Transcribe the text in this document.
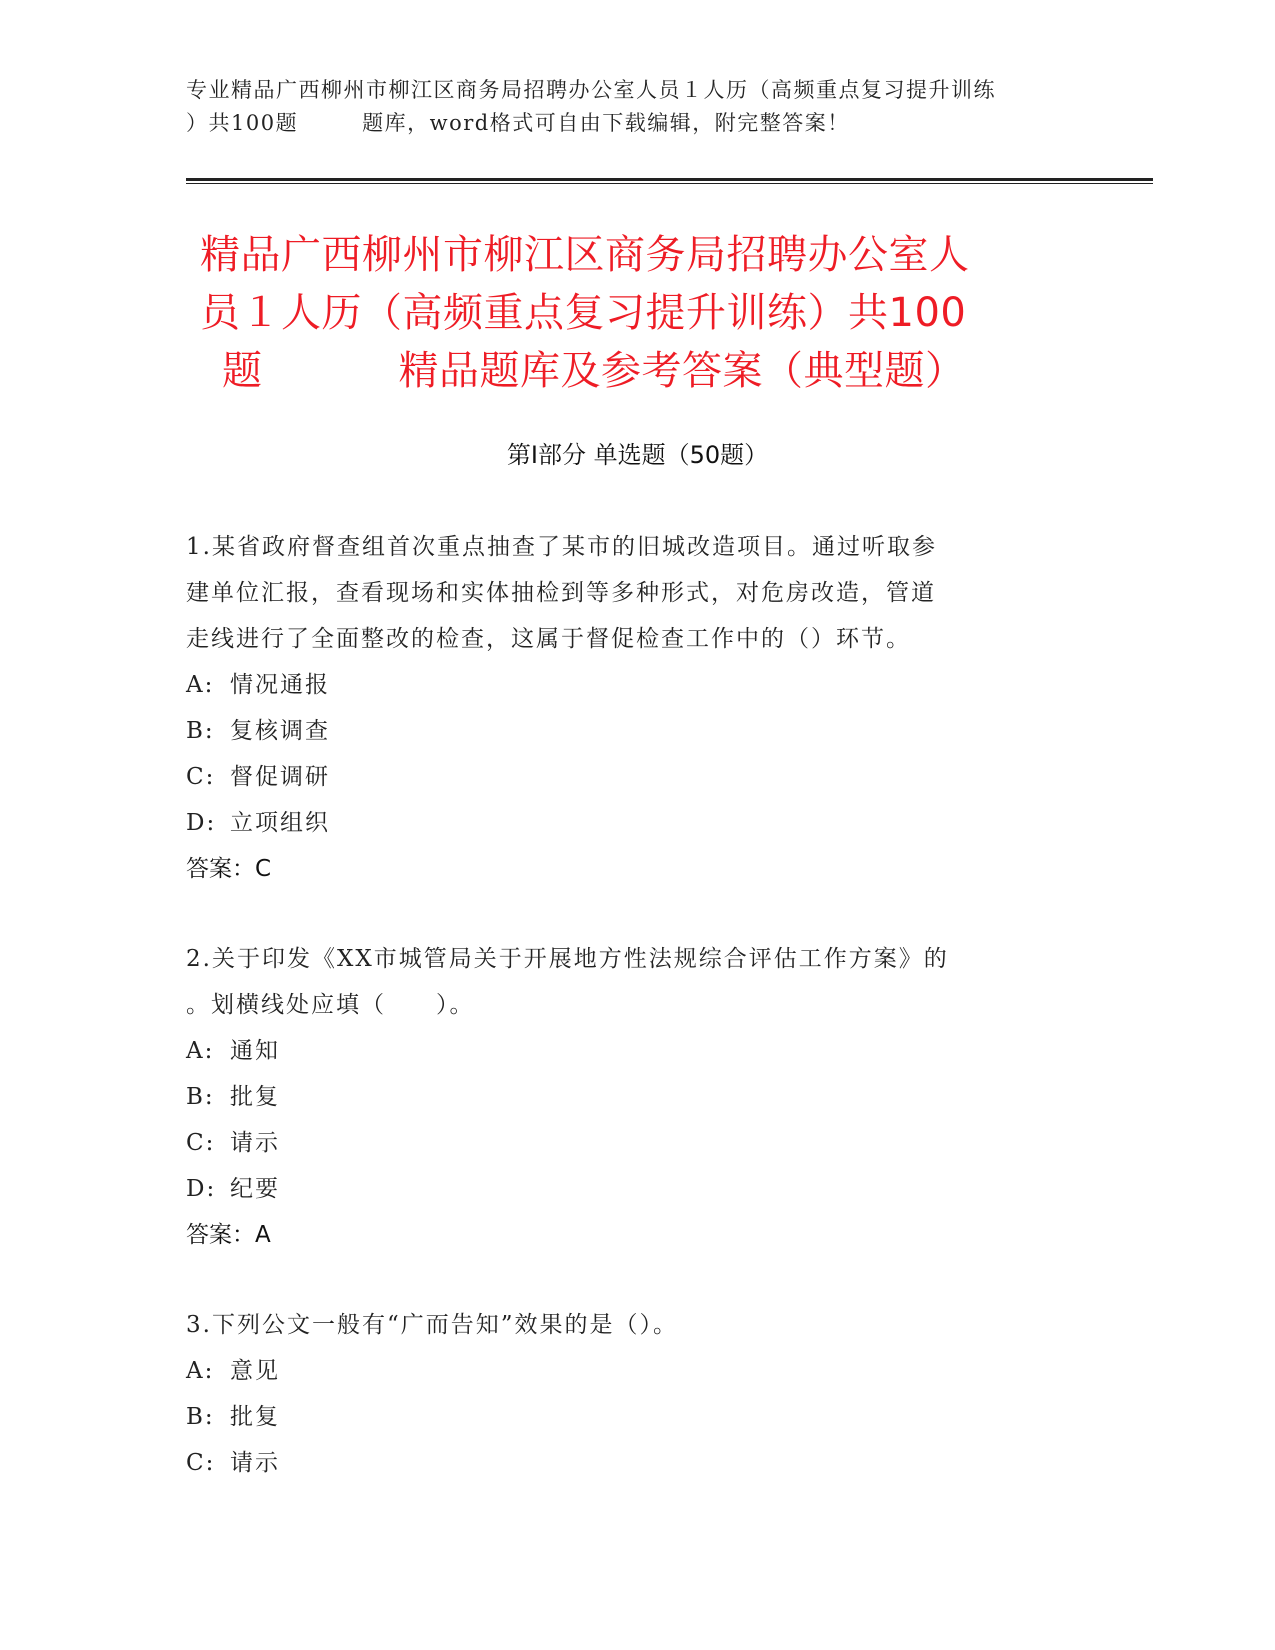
专业精品广西柳州市柳江区商务局招聘办公室人员１人历（高频重点复习提升训练
）共100题	题库，word格式可自由下载编辑，附完整答案！
精品广西柳州市柳江区商务局招聘办公室人
员１人历（高频重点复习提升训练）共100
题	精品题库及参考答案（典型题）
第Ⅰ部分 单选题（50题）

1.某省政府督查组首次重点抽查了某市的旧城改造项目。通过听取参
建单位汇报，查看现场和实体抽检到等多种形式，对危房改造，管道
走线进行了全面整改的检查，这属于督促检查工作中的（）环节。

A: 情况通报
B: 复核调查
C: 督促调研
D: 立项组织
答案：C

2.关于印发《XX市城管局关于开展地方性法规综合评估工作方案》的
。划横线处应填（　　）。

A: 通知
B: 批复
C: 请示
D: 纪要
答案：A

3.下列公文一般有“广而告知”效果的是（）。

A: 意见
B: 批复
C: 请示
